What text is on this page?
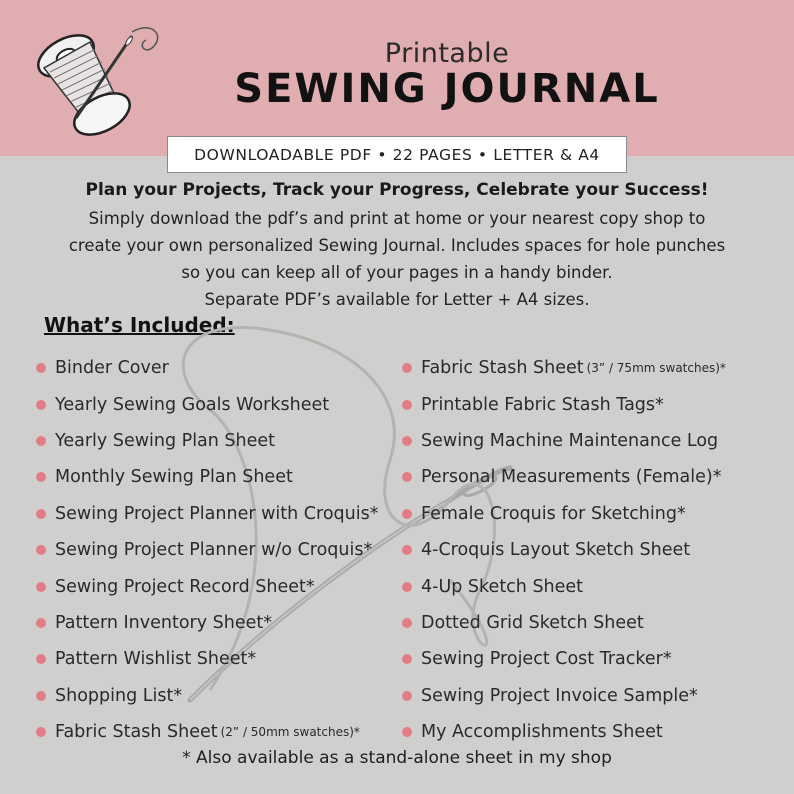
Printable
SEWING JOURNAL
DOWNLOADABLE PDF • 22 PAGES • LETTER & A4
Plan your Projects, Track your Progress, Celebrate your Success!
Simply download the pdf’s and print at home or your nearest copy shop to
create your own personalized Sewing Journal. Includes spaces for hole punches
so you can keep all of your pages in a handy binder.
Separate PDF’s available for Letter + A4 sizes.
What’s Included:
Binder Cover
Yearly Sewing Goals Worksheet
Yearly Sewing Plan Sheet
Monthly Sewing Plan Sheet
Sewing Project Planner with Croquis*
Sewing Project Planner w/o Croquis*
Sewing Project Record Sheet*
Pattern Inventory Sheet*
Pattern Wishlist Sheet*
Shopping List*
Fabric Stash Sheet (2” / 50mm swatches)*
Fabric Stash Sheet (3” / 75mm swatches)*
Printable Fabric Stash Tags*
Sewing Machine Maintenance Log
Personal Measurements (Female)*
Female Croquis for Sketching*
4-Croquis Layout Sketch Sheet
4-Up Sketch Sheet
Dotted Grid Sketch Sheet
Sewing Project Cost Tracker*
Sewing Project Invoice Sample*
My Accomplishments Sheet
* Also available as a stand-alone sheet in my shop
